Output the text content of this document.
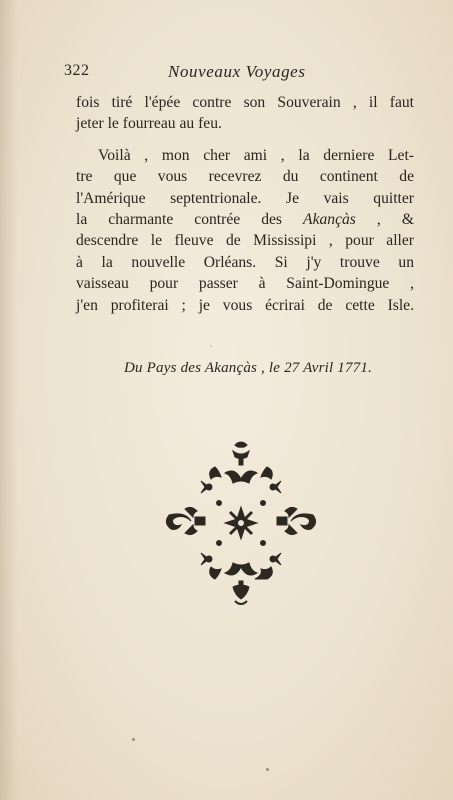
322	Nouveaux Voyages
fois tiré l'épée contre son Souverain , il faut
jeter le fourreau au feu.
Voilà , mon cher ami , la derniere Let-
tre que vous recevrez du continent de
l'Amérique septentrionale. Je vais quitter
la charmante contrée des Akançàs , &
descendre le fleuve de Mississipi , pour aller
à la nouvelle Orléans. Si j'y trouve un
vaisseau pour passer à Saint-Domingue ,
j'en profiterai ; je vous écrirai de cette Isle.
Du Pays des Akançàs , le 27 Avril 1771.
